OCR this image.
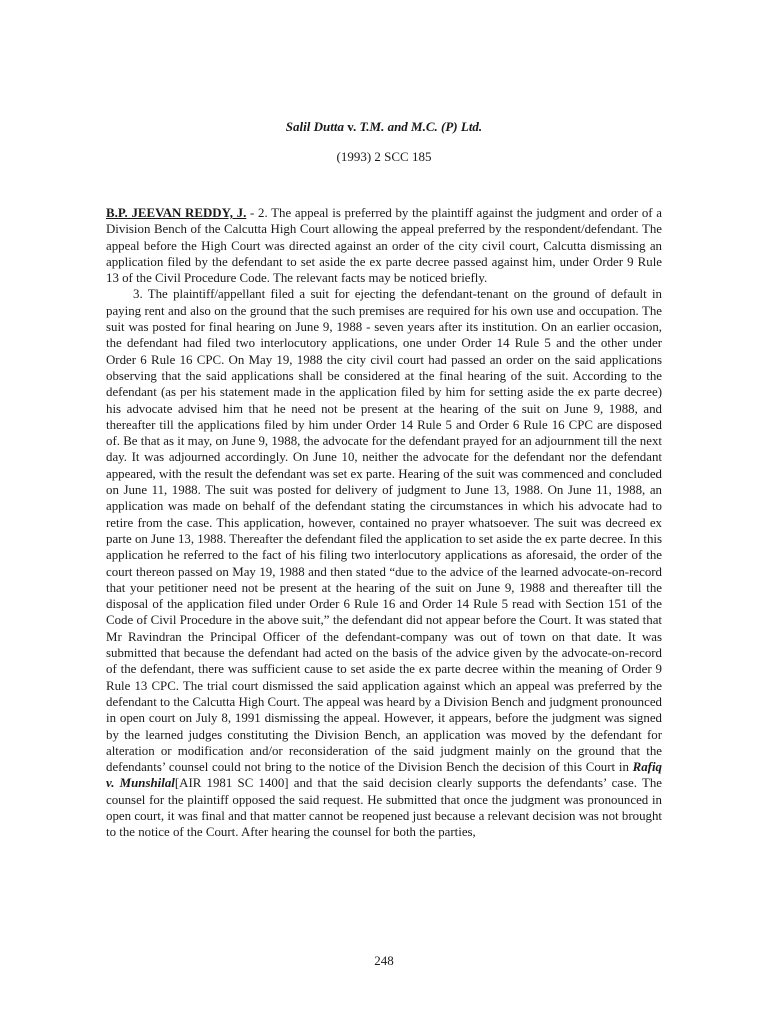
Salil Dutta v. T.M. and M.C. (P) Ltd.
(1993) 2 SCC 185

B.P. JEEVAN REDDY, J. - 2. The appeal is preferred by the plaintiff against the judgment and order of a Division Bench of the Calcutta High Court allowing the appeal preferred by the respondent/defendant. The appeal before the High Court was directed against an order of the city civil court, Calcutta dismissing an application filed by the defendant to set aside the ex parte decree passed against him, under Order 9 Rule 13 of the Civil Procedure Code. The relevant facts may be noticed briefly.

3. The plaintiff/appellant filed a suit for ejecting the defendant-tenant on the ground of default in paying rent and also on the ground that the such premises are required for his own use and occupation. The suit was posted for final hearing on June 9, 1988 - seven years after its institution. On an earlier occasion, the defendant had filed two interlocutory applications, one under Order 14 Rule 5 and the other under Order 6 Rule 16 CPC. On May 19, 1988 the city civil court had passed an order on the said applications observing that the said applications shall be considered at the final hearing of the suit. According to the defendant (as per his statement made in the application filed by him for setting aside the ex parte decree) his advocate advised him that he need not be present at the hearing of the suit on June 9, 1988, and thereafter till the applications filed by him under Order 14 Rule 5 and Order 6 Rule 16 CPC are disposed of. Be that as it may, on June 9, 1988, the advocate for the defendant prayed for an adjournment till the next day. It was adjourned accordingly. On June 10, neither the advocate for the defendant nor the defendant appeared, with the result the defendant was set ex parte. Hearing of the suit was commenced and concluded on June 11, 1988. The suit was posted for delivery of judgment to June 13, 1988. On June 11, 1988, an application was made on behalf of the defendant stating the circumstances in which his advocate had to retire from the case. This application, however, contained no prayer whatsoever. The suit was decreed ex parte on June 13, 1988. Thereafter the defendant filed the application to set aside the ex parte decree. In this application he referred to the fact of his filing two interlocutory applications as aforesaid, the order of the court thereon passed on May 19, 1988 and then stated “due to the advice of the learned advocate-on-record that your petitioner need not be present at the hearing of the suit on June 9, 1988 and thereafter till the disposal of the application filed under Order 6 Rule 16 and Order 14 Rule 5 read with Section 151 of the Code of Civil Procedure in the above suit,” the defendant did not appear before the Court. It was stated that Mr Ravindran the Principal Officer of the defendant-company was out of town on that date. It was submitted that because the defendant had acted on the basis of the advice given by the advocate-on-record of the defendant, there was sufficient cause to set aside the ex parte decree within the meaning of Order 9 Rule 13 CPC. The trial court dismissed the said application against which an appeal was preferred by the defendant to the Calcutta High Court. The appeal was heard by a Division Bench and judgment pronounced in open court on July 8, 1991 dismissing the appeal. However, it appears, before the judgment was signed by the learned judges constituting the Division Bench, an application was moved by the defendant for alteration or modification and/or reconsideration of the said judgment mainly on the ground that the defendants’ counsel could not bring to the notice of the Division Bench the decision of this Court in Rafiq v. Munshilal[AIR 1981 SC 1400] and that the said decision clearly supports the defendants’ case. The counsel for the plaintiff opposed the said request. He submitted that once the judgment was pronounced in open court, it was final and that matter cannot be reopened just because a relevant decision was not brought to the notice of the Court. After hearing the counsel for both the parties,

248
